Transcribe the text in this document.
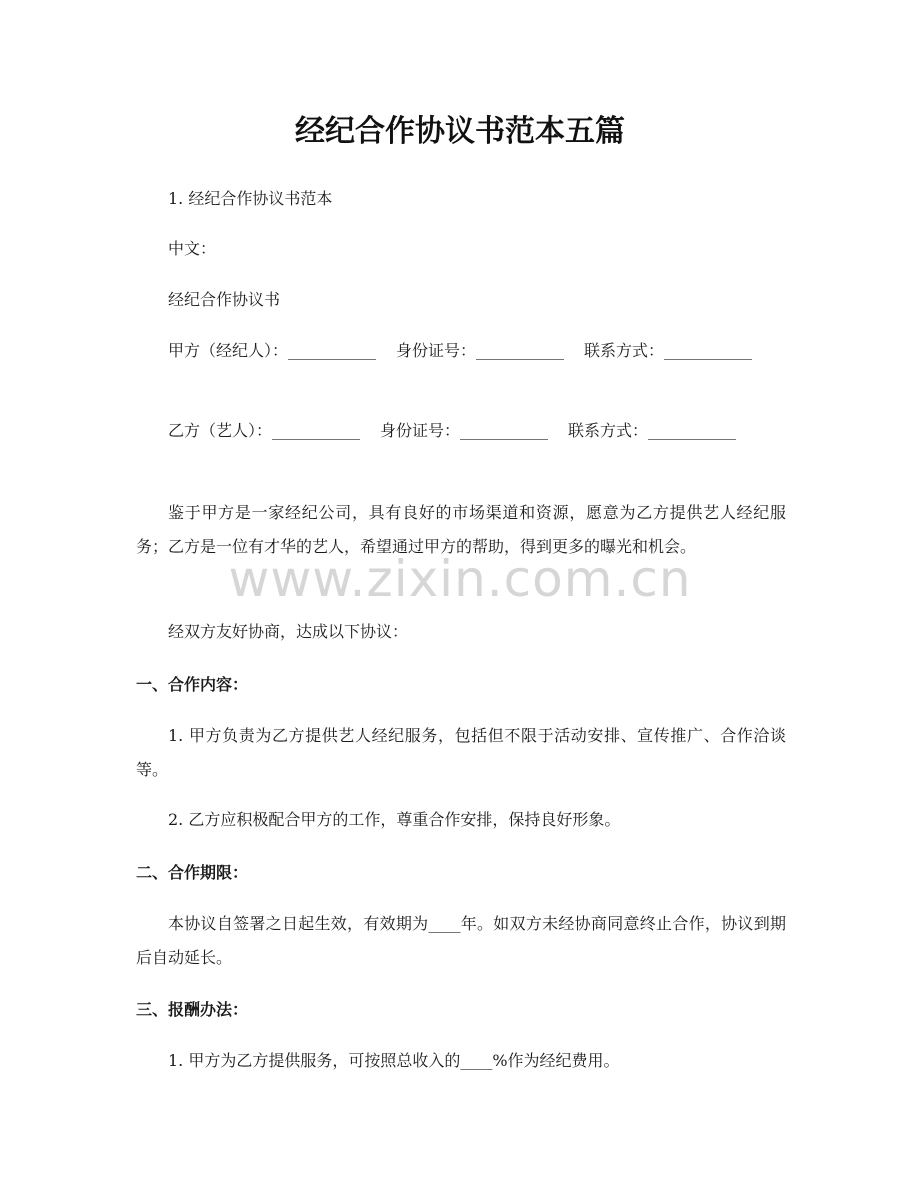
经纪合作协议书范本五篇

1. 经纪合作协议书范本

中文：

经纪合作协议书

甲方（经纪人）：___________ 身份证号：___________ 联系方式：___________

乙方（艺人）：___________ 身份证号：___________ 联系方式：___________

鉴于甲方是一家经纪公司，具有良好的市场渠道和资源，愿意为乙方提供艺人经纪服务；乙方是一位有才华的艺人，希望通过甲方的帮助，得到更多的曝光和机会。

经双方友好协商，达成以下协议：

一、合作内容：

1. 甲方负责为乙方提供艺人经纪服务，包括但不限于活动安排、宣传推广、合作洽谈等。

2. 乙方应积极配合甲方的工作，尊重合作安排，保持良好形象。

二、合作期限：

本协议自签署之日起生效，有效期为____年。如双方未经协商同意终止合作，协议到期后自动延长。

三、报酬办法：

1. 甲方为乙方提供服务，可按照总收入的____%作为经纪费用。

www.zixin.com.cn
